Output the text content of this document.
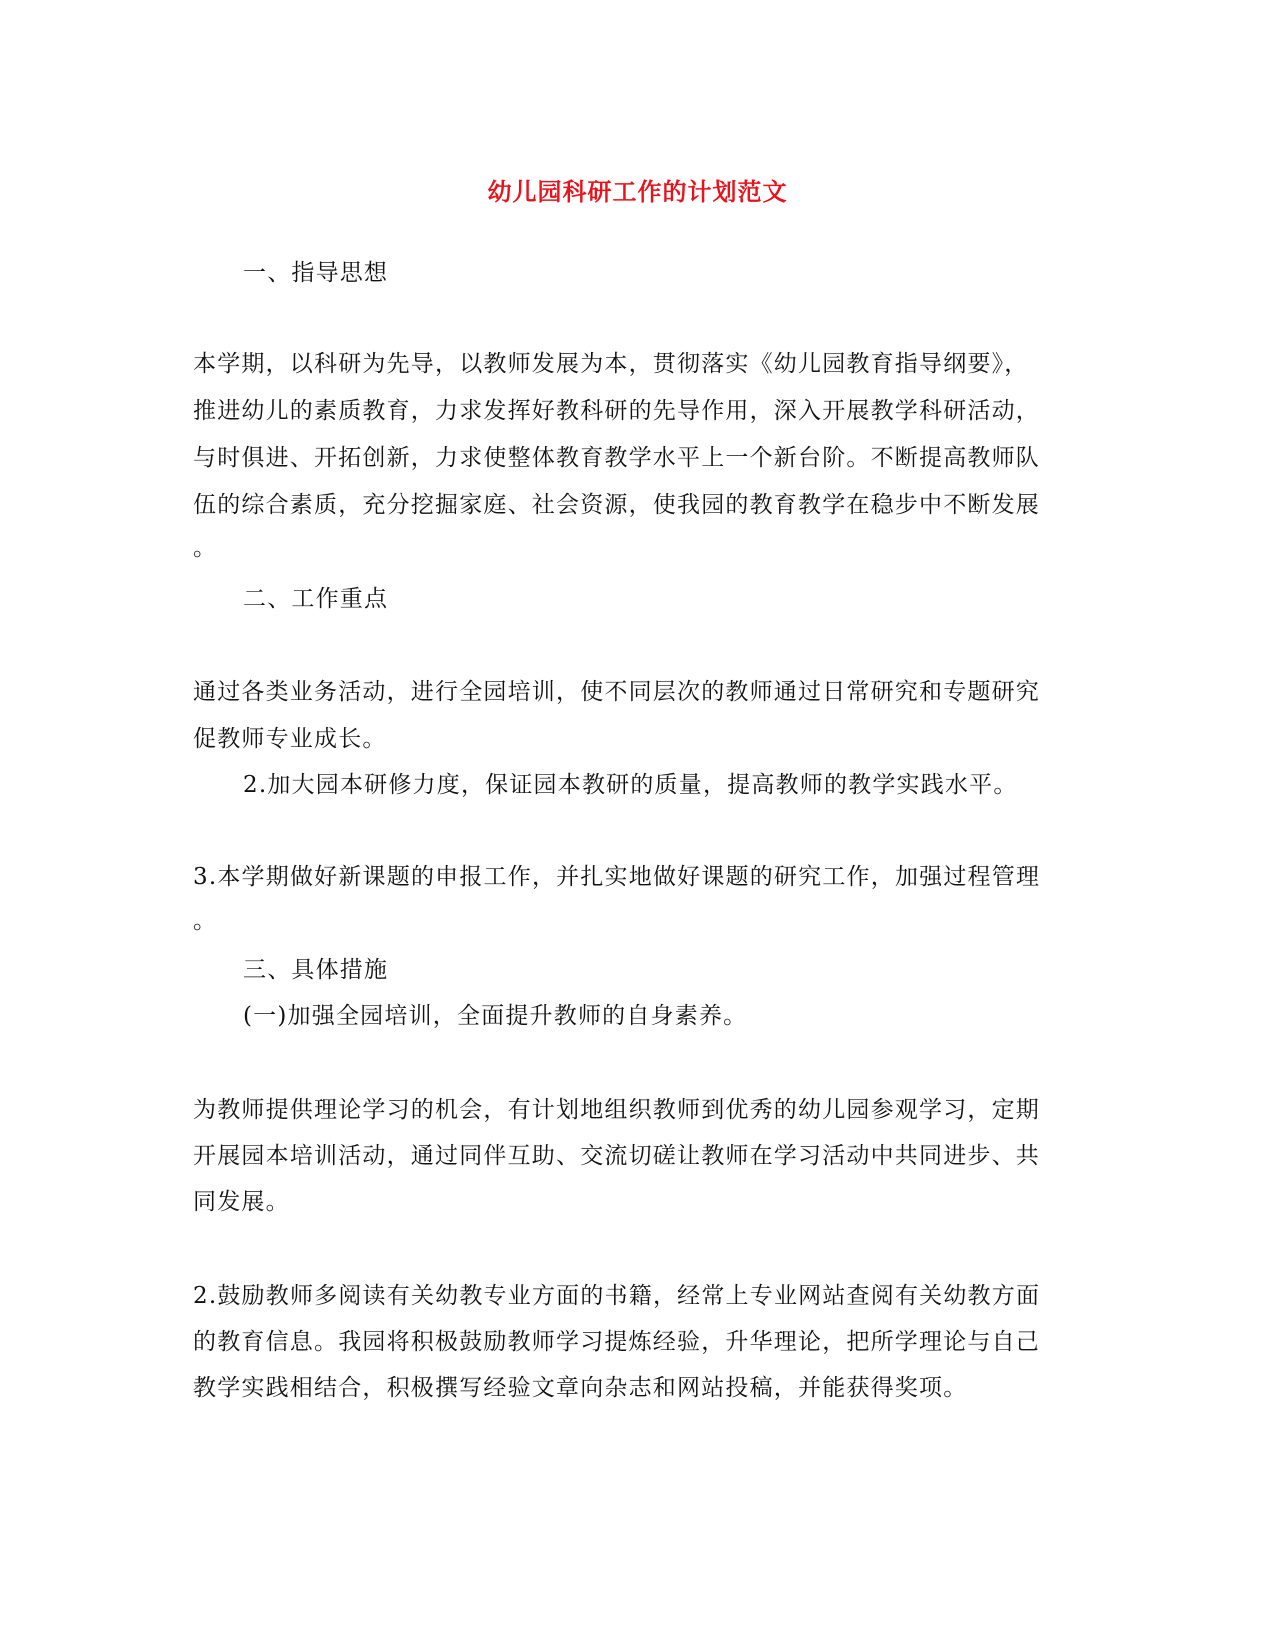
幼儿园科研工作的计划范文
一、指导思想
本学期，以科研为先导，以教师发展为本，贯彻落实《幼儿园教育指导纲要》，
推进幼儿的素质教育，力求发挥好教科研的先导作用，深入开展教学科研活动，
与时俱进、开拓创新，力求使整体教育教学水平上一个新台阶。不断提高教师队
伍的综合素质，充分挖掘家庭、社会资源，使我园的教育教学在稳步中不断发展
。
二、工作重点
通过各类业务活动，进行全园培训，使不同层次的教师通过日常研究和专题研究
促教师专业成长。
2.加大园本研修力度，保证园本教研的质量，提高教师的教学实践水平。
3.本学期做好新课题的申报工作，并扎实地做好课题的研究工作，加强过程管理
。
三、具体措施
(一)加强全园培训，全面提升教师的自身素养。
为教师提供理论学习的机会，有计划地组织教师到优秀的幼儿园参观学习，定期
开展园本培训活动，通过同伴互助、交流切磋让教师在学习活动中共同进步、共
同发展。
2.鼓励教师多阅读有关幼教专业方面的书籍，经常上专业网站查阅有关幼教方面
的教育信息。我园将积极鼓励教师学习提炼经验，升华理论，把所学理论与自己
教学实践相结合，积极撰写经验文章向杂志和网站投稿，并能获得奖项。
